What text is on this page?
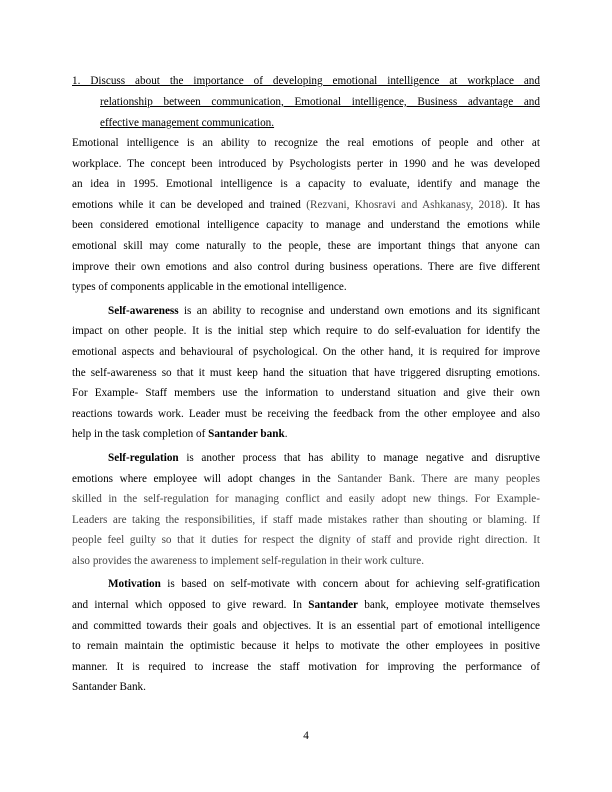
1. Discuss about the importance of developing emotional intelligence at workplace and
relationship between communication, Emotional intelligence, Business advantage and
effective management communication.
Emotional intelligence is an ability to recognize the real emotions of people and other at
workplace. The concept been introduced by Psychologists perter in 1990 and he was developed
an idea in 1995. Emotional intelligence is a capacity to evaluate, identify and manage the
emotions while it can be developed and trained (Rezvani, Khosravi and Ashkanasy, 2018). It has
been considered emotional intelligence capacity to manage and understand the emotions while
emotional skill may come naturally to the people, these are important things that anyone can
improve their own emotions and also control during business operations. There are five different
types of components applicable in the emotional intelligence.
Self-awareness is an ability to recognise and understand own emotions and its significant
impact on other people. It is the initial step which require to do self-evaluation for identify the
emotional aspects and behavioural of psychological. On the other hand, it is required for improve
the self-awareness so that it must keep hand the situation that have triggered disrupting emotions.
For Example- Staff members use the information to understand situation and give their own
reactions towards work. Leader must be receiving the feedback from the other employee and also
help in the task completion of Santander bank.
Self-regulation is another process that has ability to manage negative and disruptive
emotions where employee will adopt changes in the Santander Bank. There are many peoples
skilled in the self-regulation for managing conflict and easily adopt new things. For Example-
Leaders are taking the responsibilities, if staff made mistakes rather than shouting or blaming. If
people feel guilty so that it duties for respect the dignity of staff and provide right direction. It
also provides the awareness to implement self-regulation in their work culture.
Motivation is based on self-motivate with concern about for achieving self-gratification
and internal which opposed to give reward. In Santander bank, employee motivate themselves
and committed towards their goals and objectives. It is an essential part of emotional intelligence
to remain maintain the optimistic because it helps to motivate the other employees in positive
manner. It is required to increase the staff motivation for improving the performance of
Santander Bank.
4
